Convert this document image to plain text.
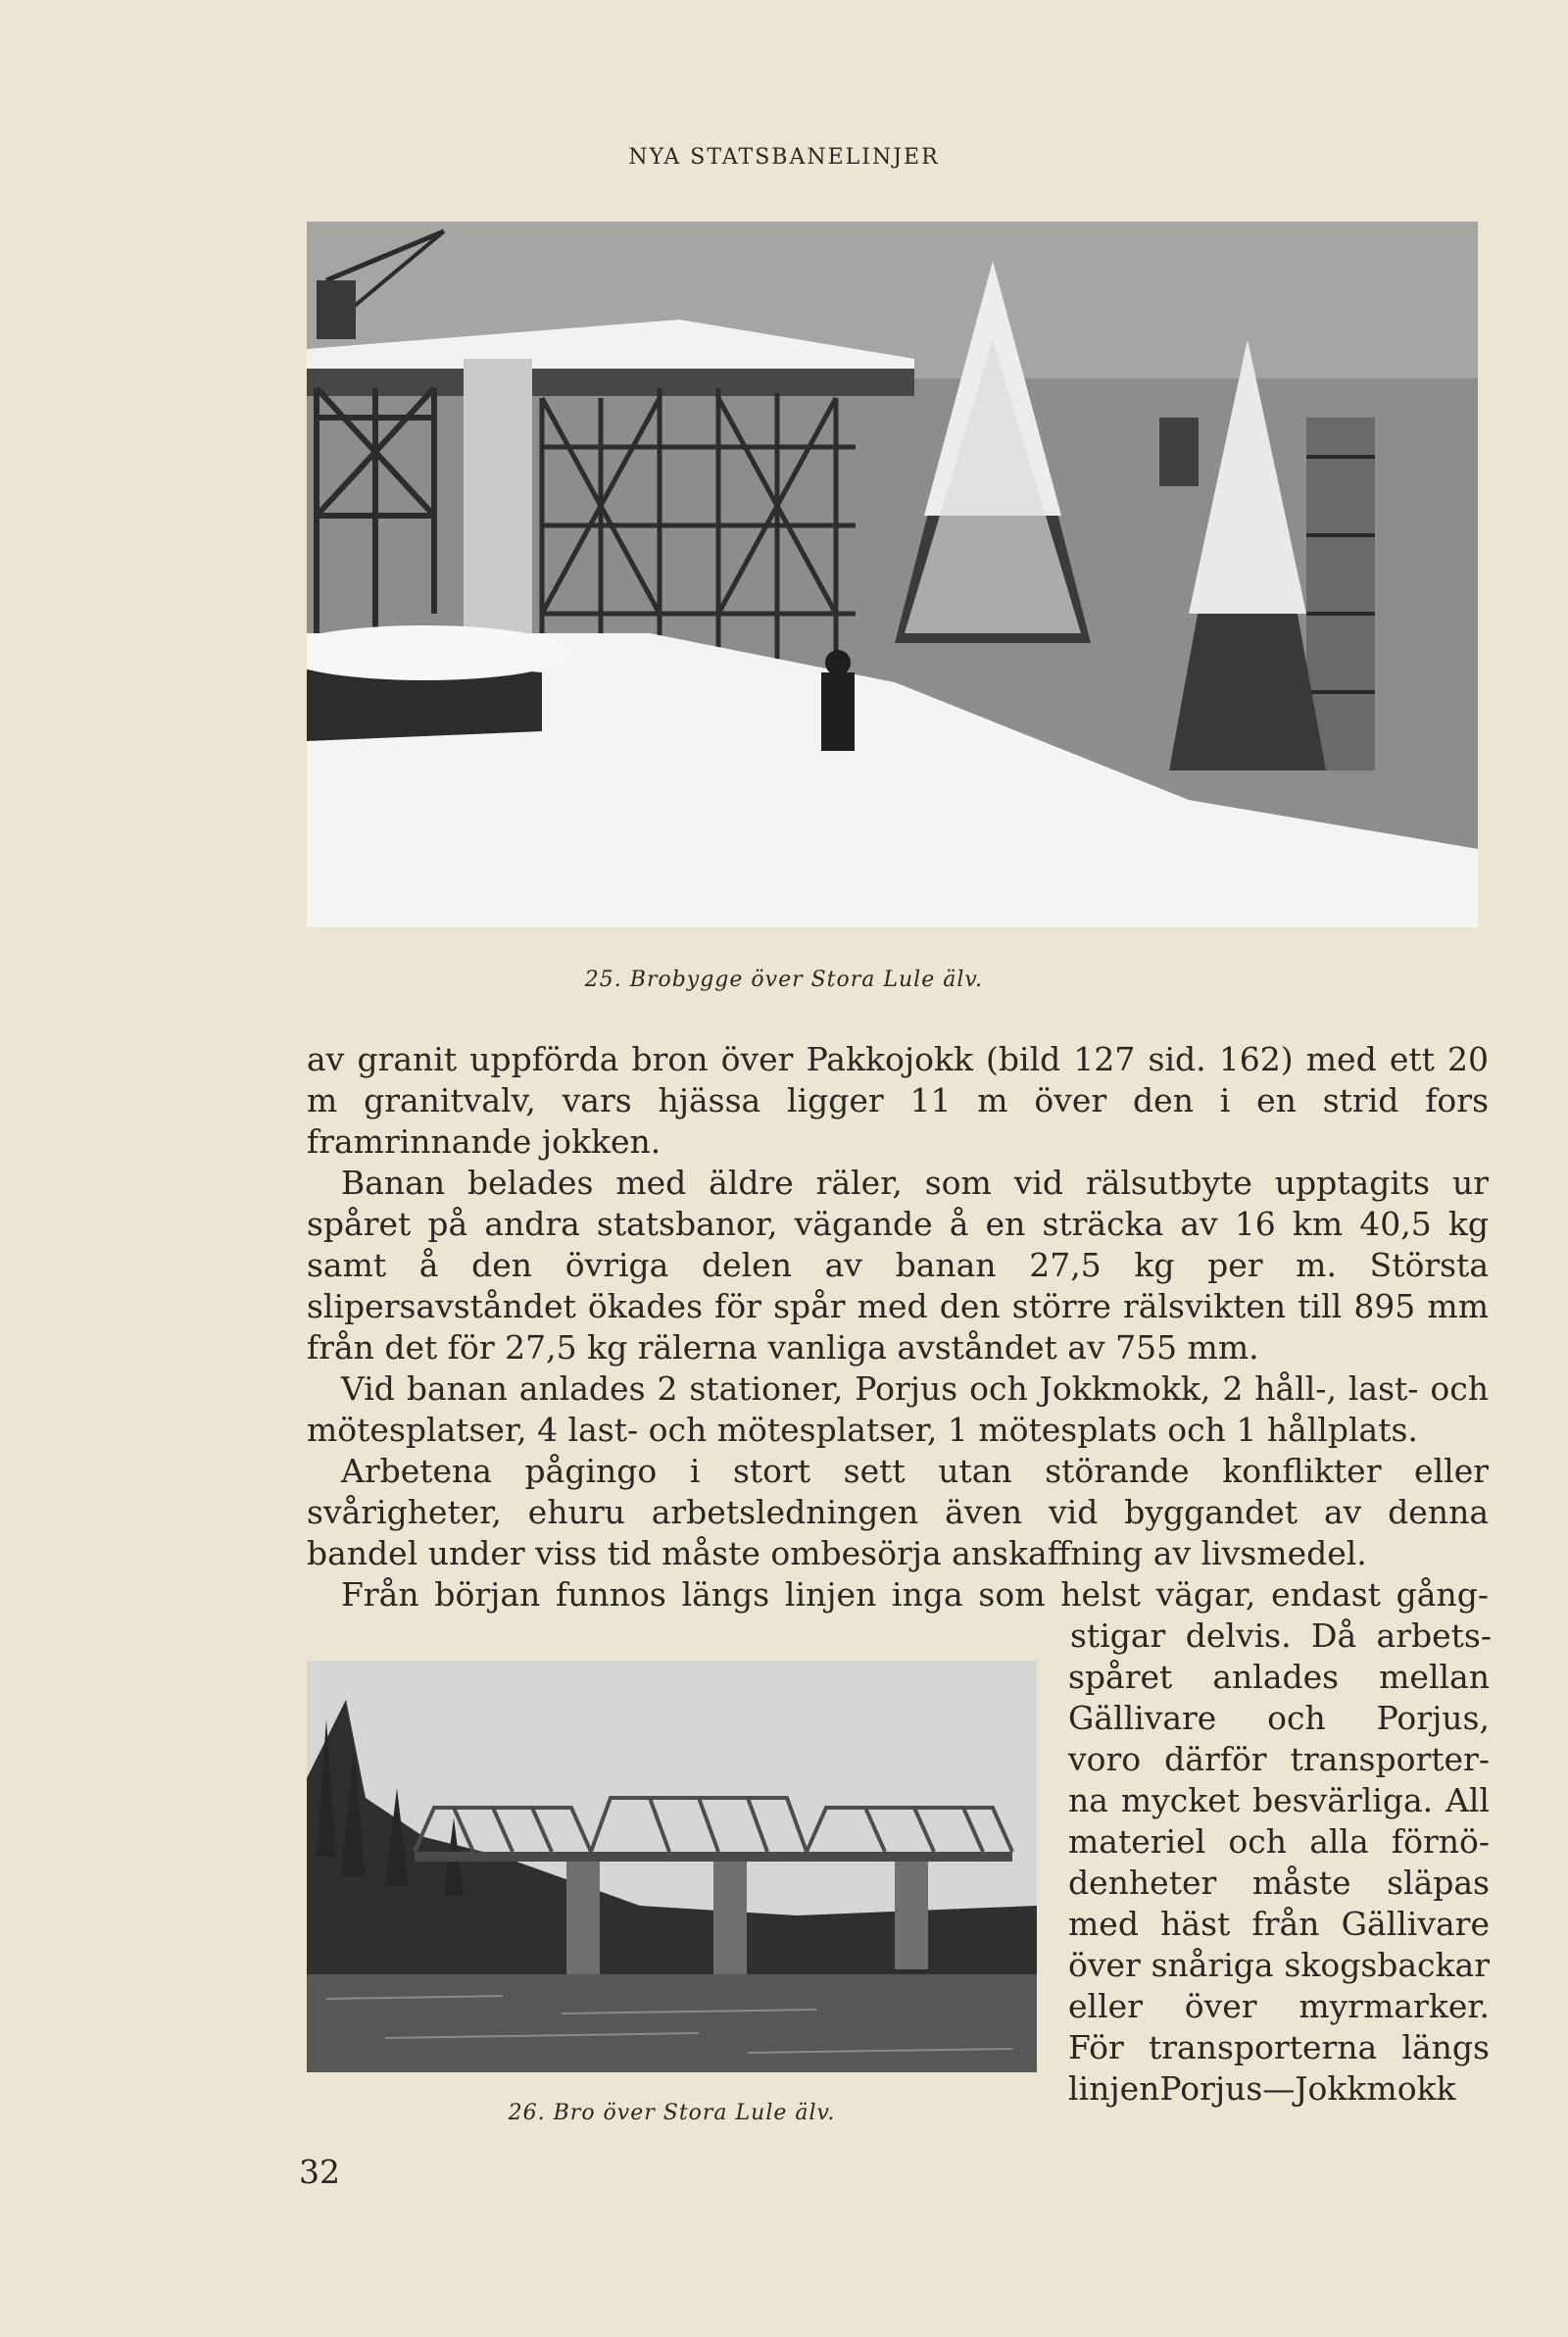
NYA STATSBANELINJER
25. Brobygge över Stora Lule älv.

av granit uppförda bron över Pakkojokk (bild 127 sid. 162) med ett 20 m granitvalv, vars hjässa ligger 11 m över den i en strid fors framrinnande jokken.

Banan belades med äldre räler, som vid rälsutbyte upptagits ur spåret på andra statsbanor, vägande å en sträcka av 16 km 40,5 kg samt å den övriga delen av banan 27,5 kg per m. Största slipersavståndet ökades för spår med den större rälsvikten till 895 mm från det för 27,5 kg rälerna vanliga avståndet av 755 mm.

Vid banan anlades 2 stationer, Porjus och Jokkmokk, 2 håll-, last- och mötesplatser, 4 last- och mötesplatser, 1 mötesplats och 1 hållplats.

Arbetena pågingo i stort sett utan störande konflikter eller svårigheter, ehuru arbetsledningen även vid byggandet av denna bandel under viss tid måste ombesörja anskaffning av livsmedel.

Från början funnos längs linjen inga som helst vägar, endast gång-

26. Bro över Stora Lule älv.

stigar delvis. Då arbets-

spåret anlades mellan

Gällivare och Porjus,

voro därför transporter-

na mycket besvärliga. All

materiel och alla förnö-

denheter måste släpas

med häst från Gällivare

över snåriga skogsbackar

eller över myrmarker.

För transporterna längs

linjenPorjus—Jokkmokk

32
